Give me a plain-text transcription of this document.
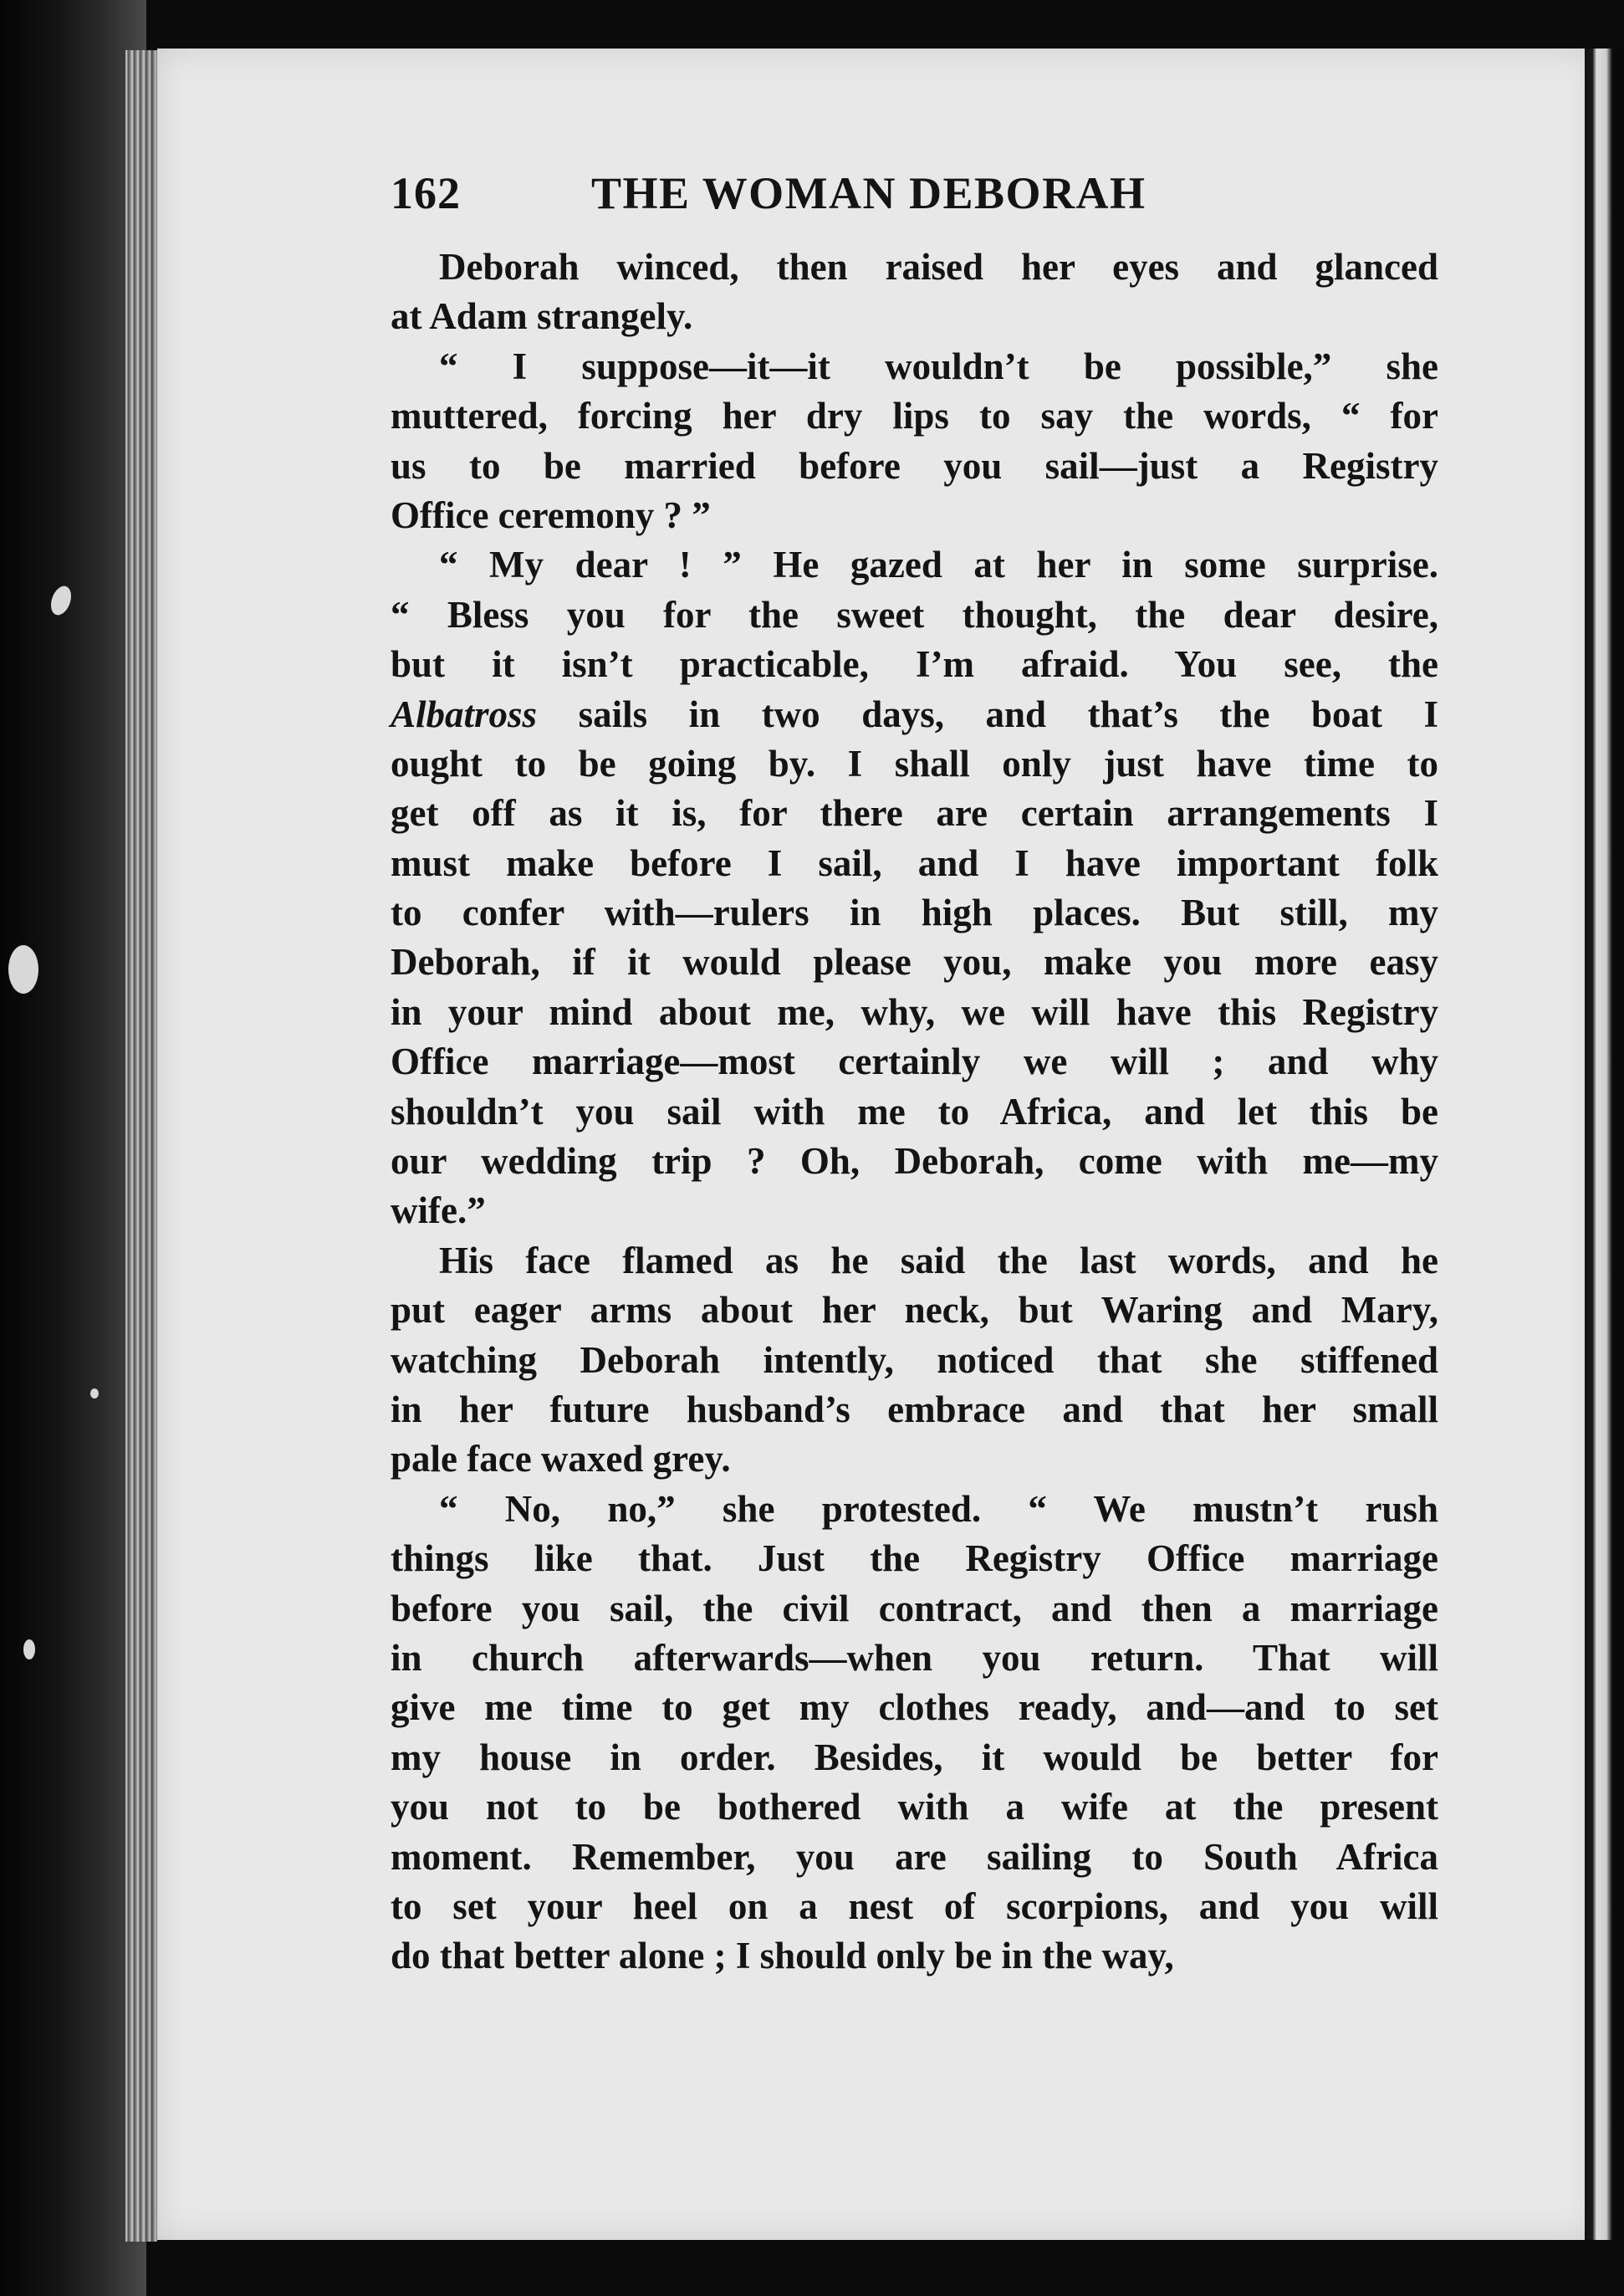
162	THE WOMAN DEBORAH
Deborah winced, then raised her eyes and glanced
at Adam strangely.
“ I suppose—it—it wouldn’t be possible,” she
muttered, forcing her dry lips to say the words, “ for
us to be married before you sail—just a Registry
Office ceremony ? ”
“ My dear ! ” He gazed at her in some surprise.
“ Bless you for the sweet thought, the dear desire,
but it isn’t practicable, I’m afraid. You see, the
Albatross sails in two days, and that’s the boat I
ought to be going by. I shall only just have time to
get off as it is, for there are certain arrangements I
must make before I sail, and I have important folk
to confer with—rulers in high places. But still, my
Deborah, if it would please you, make you more easy
in your mind about me, why, we will have this Registry
Office marriage—most certainly we will ; and why
shouldn’t you sail with me to Africa, and let this be
our wedding trip ? Oh, Deborah, come with me—my
wife.”
His face flamed as he said the last words, and he
put eager arms about her neck, but Waring and Mary,
watching Deborah intently, noticed that she stiffened
in her future husband’s embrace and that her small
pale face waxed grey.
“ No, no,” she protested. “ We mustn’t rush
things like that. Just the Registry Office marriage
before you sail, the civil contract, and then a marriage
in church afterwards—when you return. That will
give me time to get my clothes ready, and—and to set
my house in order. Besides, it would be better for
you not to be bothered with a wife at the present
moment. Remember, you are sailing to South Africa
to set your heel on a nest of scorpions, and you will
do that better alone ; I should only be in the way,
